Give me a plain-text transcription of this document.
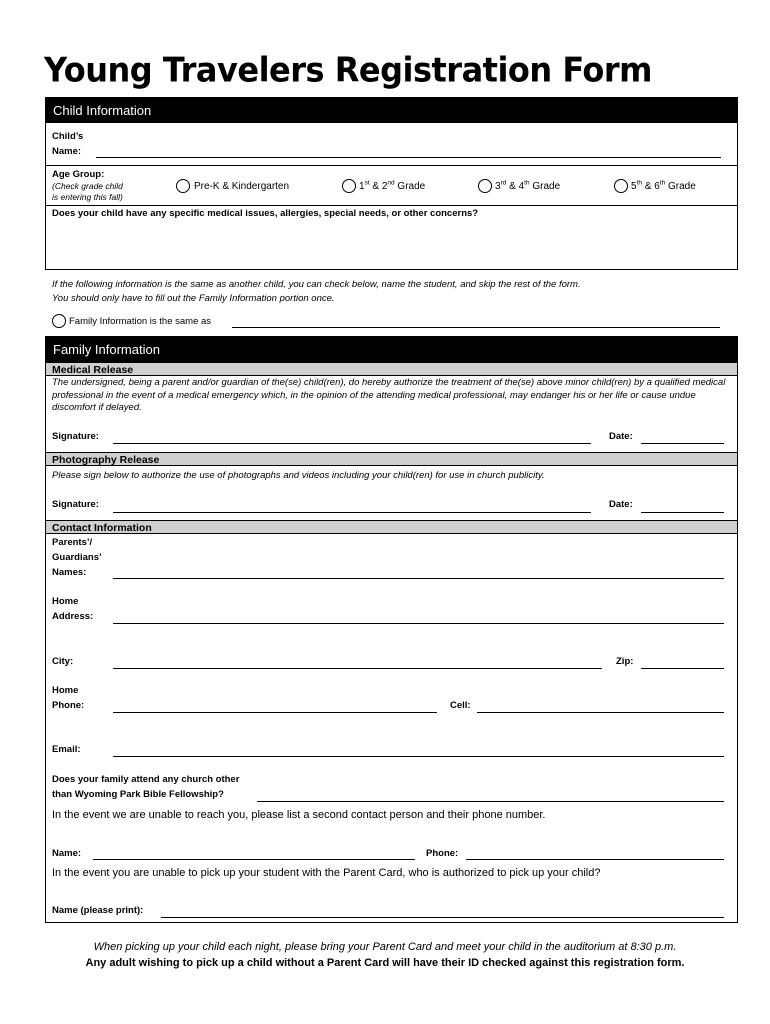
Young Travelers Registration Form
Child Information
Child’s
Name:
Age Group:
(Check grade child
is entering this fall)
Pre-K & Kindergarten	1st & 2nd Grade	3rd & 4th Grade	5th & 6th Grade
Does your child have any specific medical issues, allergies, special needs, or other concerns?
If the following information is the same as another child, you can check below, name the student, and skip the rest of the form.
You should only have to fill out the Family Information portion once.
Family Information is the same as
Family Information
Medical Release
The undersigned, being a parent and/or guardian of the(se) child(ren), do hereby authorize the treatment of the(se) above minor child(ren) by a qualified medical professional in the event of a medical emergency which, in the opinion of the attending medical professional, may endanger his or her life or cause undue discomfort if delayed.
Signature:	Date:
Photography Release
Please sign below to authorize the use of photographs and videos including your child(ren) for use in church publicity.
Signature:	Date:
Contact Information
Parents’/
Guardians’
Names:
Home
Address:
City:	Zip:
Home
Phone:	Cell:
Email:
Does your family attend any church other
than Wyoming Park Bible Fellowship?
In the event we are unable to reach you, please list a second contact person and their phone number.
Name:	Phone:
In the event you are unable to pick up your student with the Parent Card, who is authorized to pick up your child?
Name (please print):
When picking up your child each night, please bring your Parent Card and meet your child in the auditorium at 8:30 p.m.
Any adult wishing to pick up a child without a Parent Card will have their ID checked against this registration form.
